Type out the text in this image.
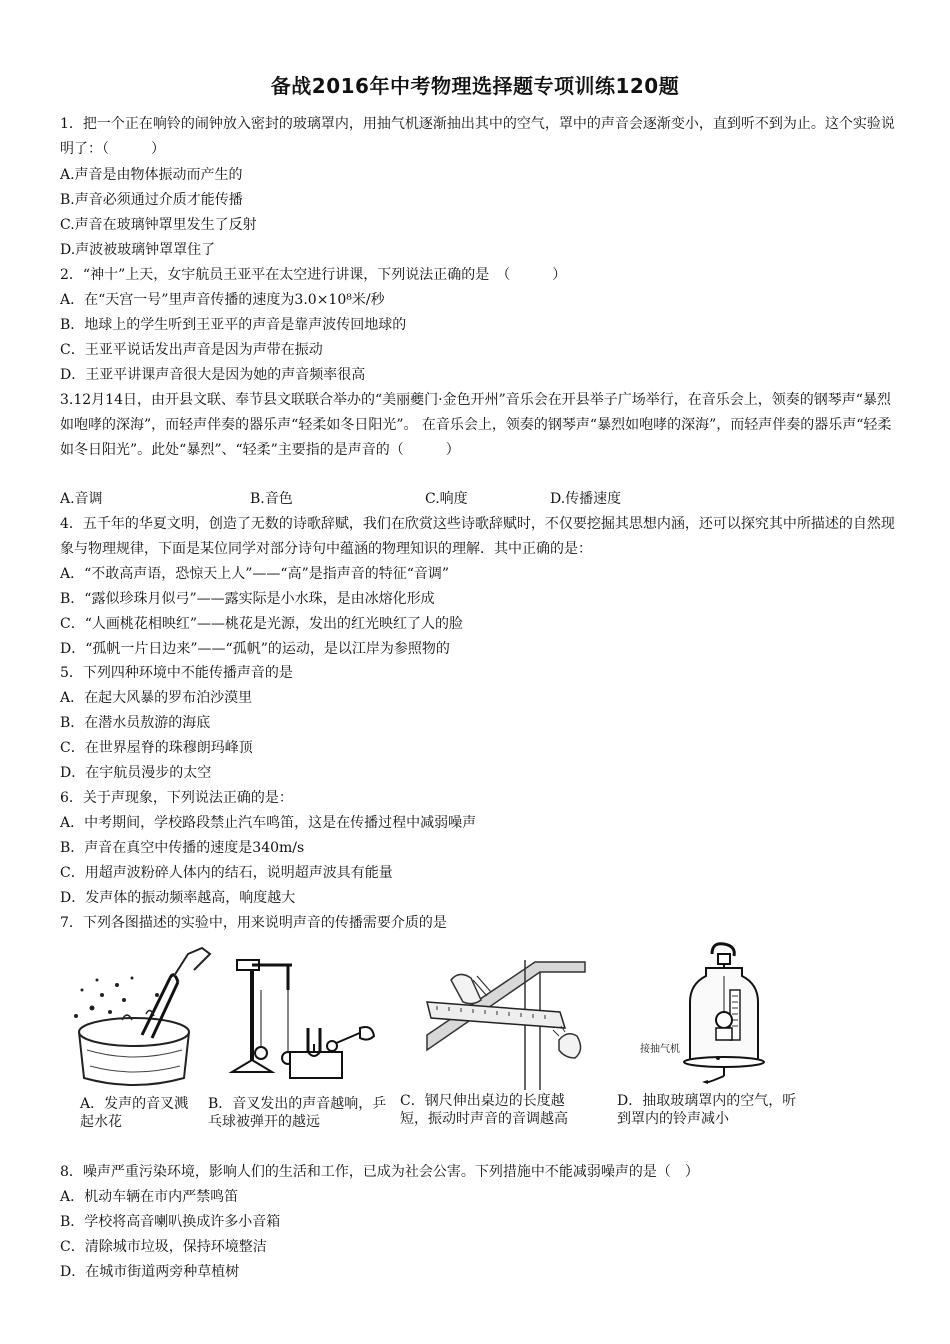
备战2016年中考物理选择题专项训练120题
1．把一个正在响铃的闹钟放入密封的玻璃罩内，用抽气机逐渐抽出其中的空气，罩中的声音会逐渐变小，直到听不到为止。这个实验说明了：（　　　）
A.声音是由物体振动而产生的
B.声音必须通过介质才能传播
C.声音在玻璃钟罩里发生了反射
D.声波被玻璃钟罩罩住了
2．“神十”上天，女宇航员王亚平在太空进行讲课，下列说法正确的是　（　　　）
A．在“天宫一号”里声音传播的速度为3.0×10⁸米/秒
B．地球上的学生听到王亚平的声音是靠声波传回地球的
C．王亚平说话发出声音是因为声带在振动
D．王亚平讲课声音很大是因为她的声音频率很高
3.12月14日，由开县文联、奉节县文联联合举办的“美丽夔门·金色开州”音乐会在开县举子广场举行，在音乐会上，领奏的钢琴声“暴烈如咆哮的深海”，而轻声伴奏的器乐声“轻柔如冬日阳光”。 在音乐会上，领奏的钢琴声“暴烈如咆哮的深海”，而轻声伴奏的器乐声“轻柔如冬日阳光”。此处“暴烈”、“轻柔”主要指的是声音的（　　　）
A.音调	B.音色	C.响度	D.传播速度
4．五千年的华夏文明，创造了无数的诗歌辞赋，我们在欣赏这些诗歌辞赋时，不仅要挖掘其思想内涵，还可以探究其中所描述的自然现象与物理规律，下面是某位同学对部分诗句中蕴涵的物理知识的理解．其中正确的是：
A．“不敢高声语，恐惊天上人”——“高”是指声音的特征“音调”
B．“露似珍珠月似弓”——露实际是小水珠，是由冰熔化形成
C．“人画桃花相映红”——桃花是光源，发出的红光映红了人的脸
D．“孤帆一片日边来”——“孤帆”的运动，是以江岸为参照物的
5．下列四种环境中不能传播声音的是
A．在起大风暴的罗布泊沙漠里
B．在潜水员敖游的海底
C．在世界屋脊的珠穆朗玛峰顶
D．在宇航员漫步的太空
6．关于声现象，下列说法正确的是：
A．中考期间，学校路段禁止汽车鸣笛，这是在传播过程中减弱噪声
B．声音在真空中传播的速度是340m/s
C．用超声波粉碎人体内的结石，说明超声波具有能量
D．发声体的振动频率越高，响度越大
7．下列各图描述的实验中，用来说明声音的传播需要介质的是
A．发声的音叉溅起水花
B．音叉发出的声音越响，乒乓球被弹开的越远
C．钢尺伸出桌边的长度越短，振动时声音的音调越高
接抽气机
D．抽取玻璃罩内的空气，听到罩内的铃声减小
8．噪声严重污染环境，影响人们的生活和工作，已成为社会公害。下列措施中不能减弱噪声的是（　）
A．机动车辆在市内严禁鸣笛
B．学校将高音喇叭换成许多小音箱
C．清除城市垃圾，保持环境整洁
D．在城市街道两旁种草植树
